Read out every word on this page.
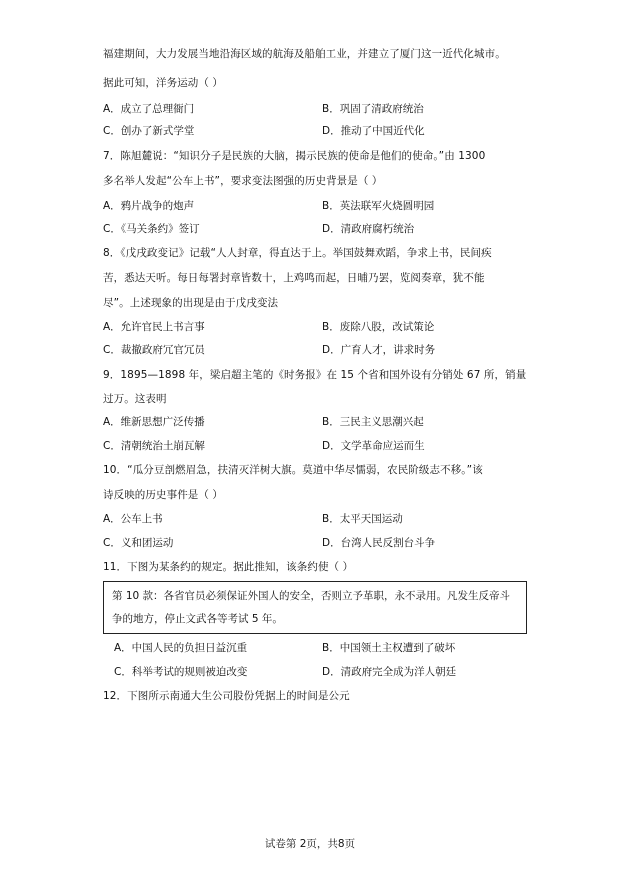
福建期间，大力发展当地沿海区域的航海及船舶工业，并建立了厦门这一近代化城市。
据此可知，洋务运动（ ）
A．成立了总理衙门	B．巩固了清政府统治
C．创办了新式学堂	D．推动了中国近代化
7．陈旭麓说：“知识分子是民族的大脑，揭示民族的使命是他们的使命。”由 1300
多名举人发起“公车上书”，要求变法图强的历史背景是（ ）
A．鸦片战争的炮声	B．英法联军火烧圆明园
C．《马关条约》签订	D．清政府腐朽统治
8．《戊戌政变记》记载“人人封章，得直达于上。举国鼓舞欢蹈，争求上书，民间疾
苦，悉达天听。每日每署封章皆数十，上鸡鸣而起，日晡乃罢，览阅奏章，犹不能
尽”。上述现象的出现是由于戊戌变法
A．允许官民上书言事	B．废除八股，改试策论
C．裁撤政府冗官冗员	D．广育人才，讲求时务
9．1895—1898 年，梁启超主笔的《时务报》在 15 个省和国外设有分销处 67 所，销量
过万。这表明
A．维新思想广泛传播	B．三民主义思潮兴起
C．清朝统治土崩瓦解	D．文学革命应运而生
10．“瓜分豆剖燃眉急，扶清灭洋树大旗。莫道中华尽懦弱，农民阶级志不移。”该
诗反映的历史事件是（ ）
A．公车上书	B．太平天国运动
C．义和团运动	D．台湾人民反割台斗争
11．下图为某条约的规定。据此推知，该条约使（ ）
第 10 款：各省官员必须保证外国人的安全，否则立予革职，永不录用。凡发生反帝斗
争的地方，停止文武各等考试 5 年。
A．中国人民的负担日益沉重	B．中国领土主权遭到了破坏
C．科举考试的规则被迫改变	D．清政府完全成为洋人朝廷
12．下图所示南通大生公司股份凭据上的时间是公元
试卷第 2页，共8页
